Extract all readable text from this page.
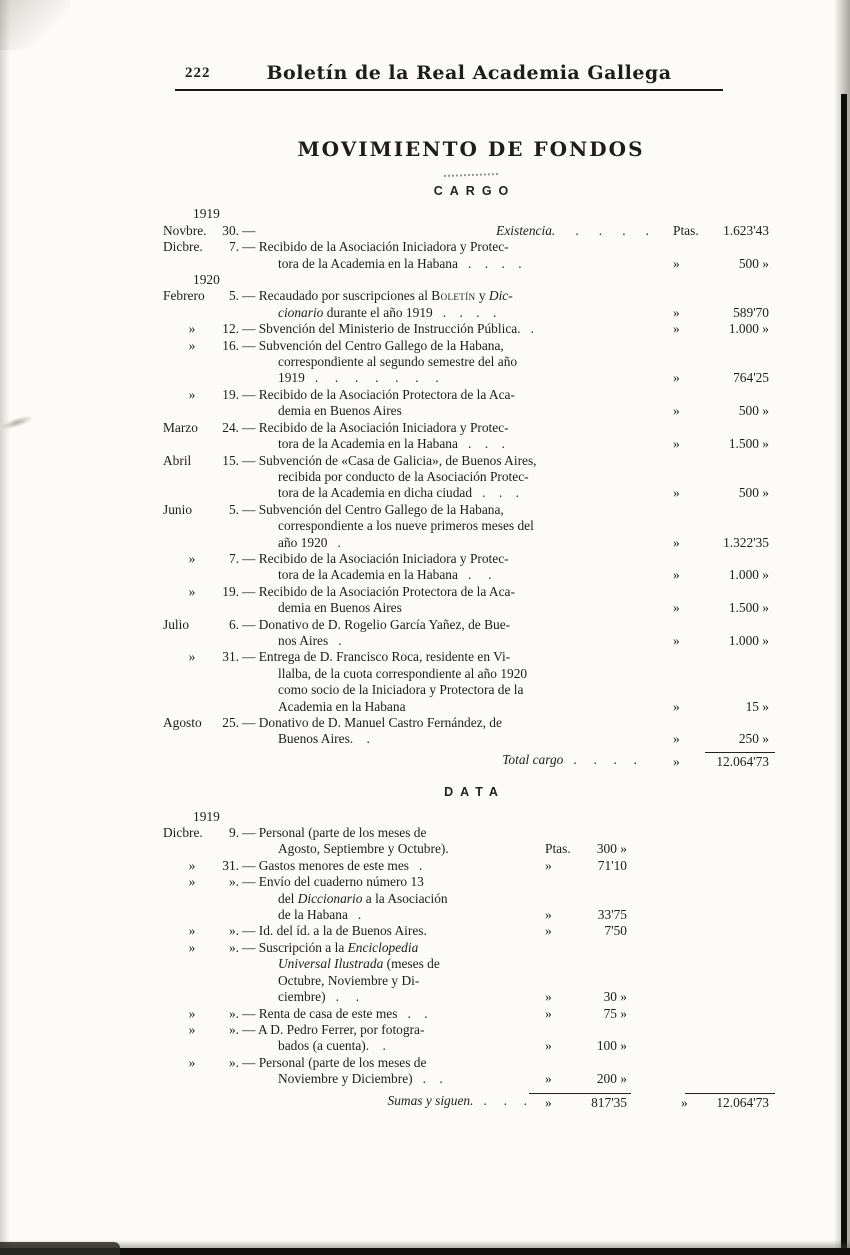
222	Boletín de la Real Academia Gallega
MOVIMIENTO DE FONDOS
CARGO
1919
Novbre.	30. —	Existencia. .      .      .      .	Ptas.	1.623'43
Dicbre.	7. — Recibido de la Asociación Iniciadora y Protec-
tora de la Academia en la Habana   .    .    .    .	»	500 »
1920
Febrero	5. — Recaudado por suscripciones al Boletín y Dic-
cionario durante el año 1919   .    .    .    .	»	589'70
»	12. — Sbvención del Ministerio de Instrucción Pública.   .	»	1.000 »
»	16. — Subvención del Centro Gallego de la Habana,
correspondiente al segundo semestre del año
1919   .     .     .     .     .     .     .	»	764'25
»	19. — Recibido de la Asociación Protectora de la Aca-
demia en Buenos Aires	»	500 »
Marzo	24. — Recibido de la Asociación Iniciadora y Protec-
tora de la Academia en la Habana   .    .    .	»	1.500 »
Abril	15. — Subvención de «Casa de Galicia», de Buenos Aires,
recibida por conducto de la Asociación Protec-
tora de la Academia en dicha ciudad   .    .    .	»	500 »
Junio	5. — Subvención del Centro Gallego de la Habana,
correspondiente a los nueve primeros meses del
año 1920   .	»	1.322'35
»	7. — Recibido de la Asociación Iniciadora y Protec-
tora de la Academia en la Habana   .     .	»	1.000 »
»	19. — Recibido de la Asociación Protectora de la Aca-
demia en Buenos Aires	»	1.500 »
Julio	6. — Donativo de D. Rogelio García Yañez, de Bue-
nos Aires   .	»	1.000 »
»	31. — Entrega de D. Francisco Roca, residente en Vi-
llalba, de la cuota correspondiente al año 1920
como socio de la Iniciadora y Protectora de la
Academia en la Habana	»	15 »
Agosto	25. — Donativo de D. Manuel Castro Fernández, de
Buenos Aires.    .	»	250 »
Total cargo   .     .     .     .	»	12.064'73
DATA
1919
Dicbre.	9. — Personal (parte de los meses de
Agosto, Septiembre y Octubre).	Ptas.	300 »
»	31. — Gastos menores de este mes   .	»	71'10
»	». — Envío del cuaderno número 13
del Diccionario a la Asociación
de la Habana   .	»	33'75
»	». — Id. del íd. a la de Buenos Aires.	»	7'50
»	». — Suscripción a la Enciclopedia
Universal Ilustrada (meses de
Octubre, Noviembre y Di-
ciembre)   .     .	»	30 »
»	». — Renta de casa de este mes   .    .	»	75 »
»	». — A D. Pedro Ferrer, por fotogra-
bados (a cuenta).    .	»	100 »
»	». — Personal (parte de los meses de
Noviembre y Diciembre)   .    .	»	200 »
Sumas y siguen.   .     .     .	»	817'35	»	12.064'73
